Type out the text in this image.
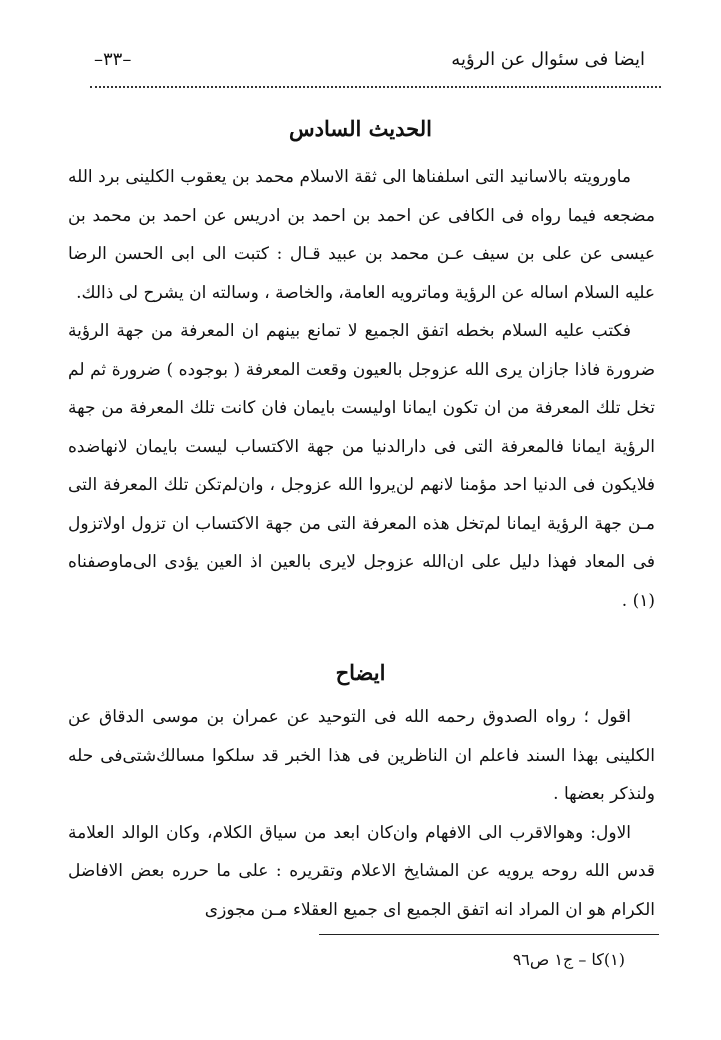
ايضا فى سئوال عن الرؤيه
–٣٣–
الحديث السادس

ماورويته بالاسانيد التى اسلفناها الى ثقة الاسلام محمد بن يعقوب الكلينى برد الله مضجعه فيما رواه فى الكافى عن احمد بن احمد بن ادريس عن احمد بن محمد بن عيسى عن على بن سيف عـن محمد بن عبيد قـال : كتبت الى ابى الحسن الرضا عليه السلام اساله عن الرؤية وماترويه العامة، والخاصة ، وسالته ان يشرح لى ذالك.

فكتب عليه السلام بخطه اتفق الجميع لا تمانع بينهم ان المعرفة من جهة الرؤية ضرورة فاذا جازان يرى الله عزوجل بالعيون وقعت المعرفة ( بوجوده ) ضرورة ثم لم تخل تلك المعرفة من ان تكون ايمانا اوليست بايمان فان كانت تلك المعرفة من جهة الرؤية ايمانا فالمعرفة التى فى دارالدنيا من جهة الاكتساب ليست بايمان لانهاضده فلايكون فى الدنيا احد مؤمنا لانهم لن‌يروا الله عزوجل ، وان‌لم‌تكن تلك المعرفة التى مـن جهة الرؤية ايمانا لم‌تخل هذه المعرفة التى من جهة الاكتساب ان تزول اولاتزول فى المعاد فهذا دليل على ان‌الله عزوجل لايرى بالعين اذ العين يؤدى الى‌ماوصفناه (١) .

ايضاح

اقول ؛ رواه الصدوق رحمه الله فى التوحيد عن عمران بن موسى الدقاق عن الكلينى بهذا السند فاعلم ان الناظرين فى هذا الخبر قد سلكوا مسالك‌شتى‌فى حله ولنذكر بعضها .

الاول: وهوالاقرب الى الافهام وان‌كان ابعد من سياق الكلام، وكان الوالد العلامة قدس الله روحه يرويه عن المشايخ الاعلام وتقريره : على ما حرره بعض الافاضل الكرام هو ان المراد انه اتفق الجميع اى جميع العقلاء مـن مجوزى

(١)كا – ج١ ص٩٦
